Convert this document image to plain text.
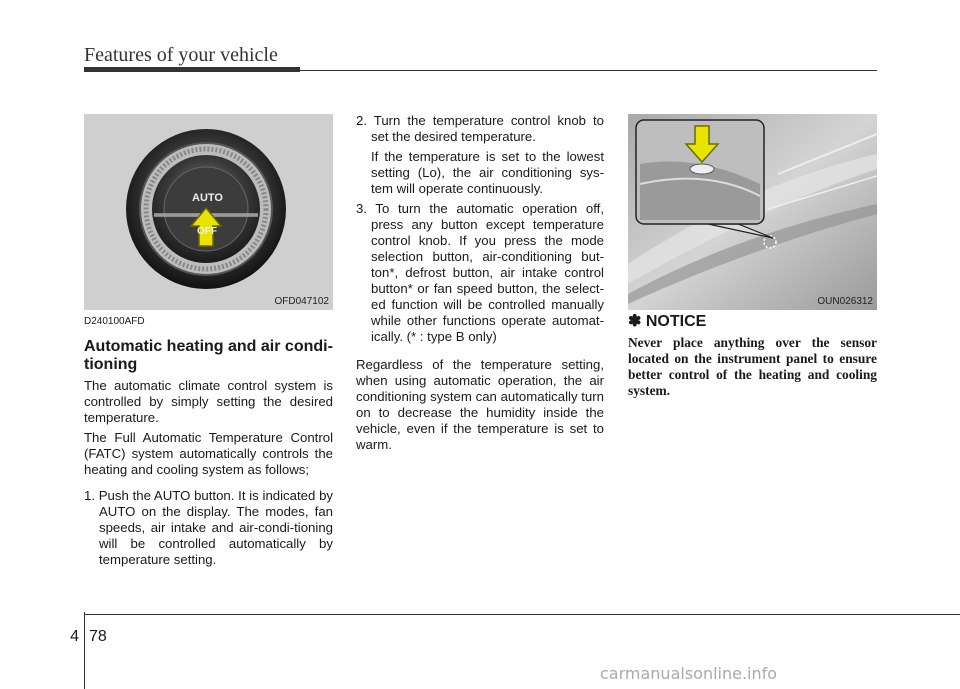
Features of your vehicle
AUTO
OFF
OFD047102	OUN026312

D240100AFD

Automatic heating and air condi-tioning

The automatic climate control system is controlled by simply setting the desired temperature.

The Full Automatic Temperature Control (FATC) system automatically controls the heating and cooling system as follows;

1. Push the AUTO button. It is indicated by AUTO on the display. The modes, fan speeds, air intake and air-condi-tioning will be controlled automatically by temperature setting.

2. Turn the temperature control knob to set the desired temperature.

If the temperature is set to the lowest setting (Lo), the air conditioning sys-tem will operate continuously.

3. To turn the automatic operation off, press any button except temperature control knob. If you press the mode selection button, air-conditioning but-ton*, defrost button, air intake control button* or fan speed button, the select-ed function will be controlled manually while other functions operate automat-ically. (* : type B only)

Regardless of the temperature setting, when using automatic operation, the air conditioning system can automatically turn on to decrease the humidity inside the vehicle, even if the temperature is set to warm.

✽ NOTICE

Never place anything over the sensor located on the instrument panel to ensure better control of the heating and cooling system.

4 78
carmanualsonline.info
